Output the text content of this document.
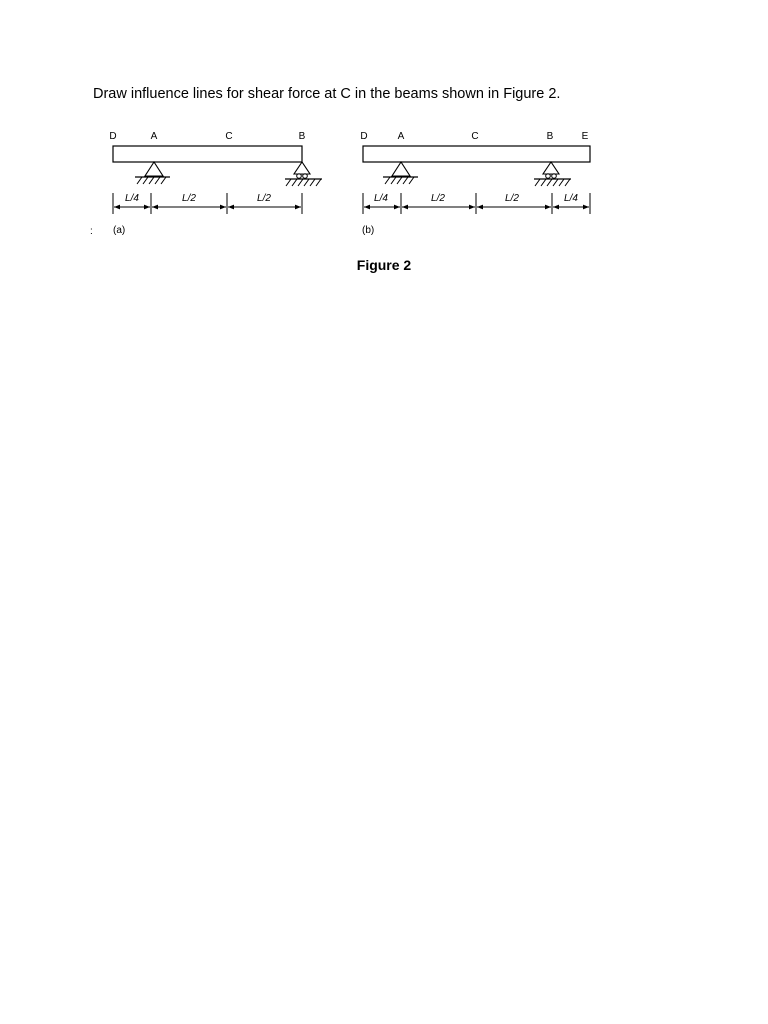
Draw influence lines for shear force at C in the beams shown in Figure 2.
D	A	C	B
L/4	L/2	L/2
: (a)
D	A	C	B	E
L/4	L/2	L/2	L/4
(b)
Figure 2
